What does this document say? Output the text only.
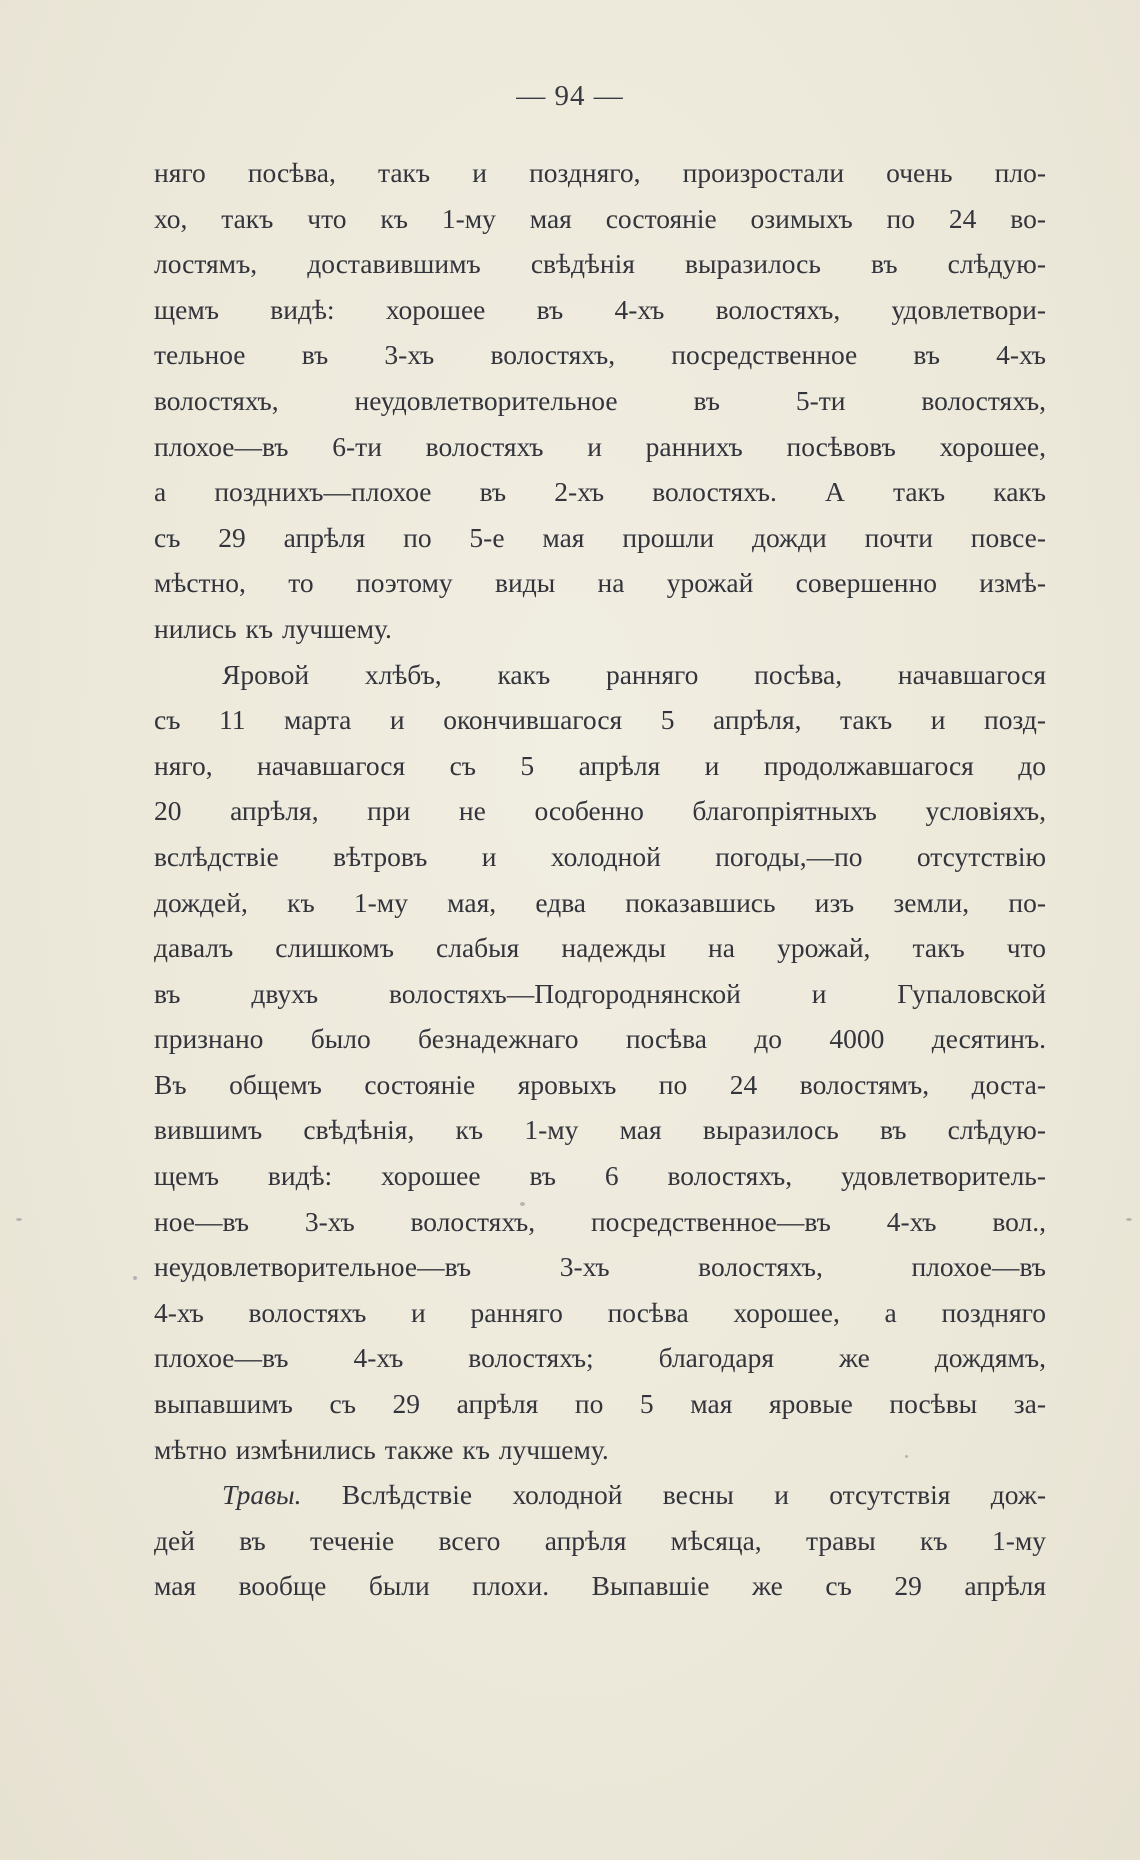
— 94 —
няго посѣва, такъ и поздняго, произростали очень пло-
хо, такъ что къ 1-му мая состояніе озимыхъ по 24 во-
лостямъ, доставившимъ свѣдѣнія выразилось въ слѣдую-
щемъ видѣ: хорошее въ 4-хъ волостяхъ, удовлетвори-
тельное въ 3-хъ волостяхъ, посредственное въ 4-хъ
волостяхъ, неудовлетворительное въ 5-ти волостяхъ,
плохое—въ 6-ти волостяхъ и раннихъ посѣвовъ хорошее,
а позднихъ—плохое въ 2-хъ волостяхъ. А такъ какъ
съ 29 апрѣля по 5-е мая прошли дожди почти повсе-
мѣстно, то поэтому виды на урожай совершенно измѣ-
нились къ лучшему.
Яровой хлѣбъ, какъ ранняго посѣва, начавшагося
съ 11 марта и окончившагося 5 апрѣля, такъ и позд-
няго, начавшагося съ 5 апрѣля и продолжавшагося до
20 апрѣля, при не особенно благопріятныхъ условіяхъ,
вслѣдствіе вѣтровъ и холодной погоды,—по отсутствію
дождей, къ 1-му мая, едва показавшись изъ земли, по-
давалъ слишкомъ слабыя надежды на урожай, такъ что
въ двухъ волостяхъ—Подгороднянской и Гупаловской
признано было безнадежнаго посѣва до 4000 десятинъ.
Въ общемъ состояніе яровыхъ по 24 волостямъ, доста-
вившимъ свѣдѣнія, къ 1-му мая выразилось въ слѣдую-
щемъ видѣ: хорошее въ 6 волостяхъ, удовлетворитель-
ное—въ 3-хъ волостяхъ, посредственное—въ 4-хъ вол.,
неудовлетворительное—въ 3-хъ волостяхъ, плохое—въ
4-хъ волостяхъ и ранняго посѣва хорошее, а поздняго
плохое—въ 4-хъ волостяхъ; благодаря же дождямъ,
выпавшимъ съ 29 апрѣля по 5 мая яровые посѣвы за-
мѣтно измѣнились также къ лучшему.
Травы. Вслѣдствіе холодной весны и отсутствія дож-
дей въ теченіе всего апрѣля мѣсяца, травы къ 1-му
мая вообще были плохи. Выпавшіе же съ 29 апрѣля
